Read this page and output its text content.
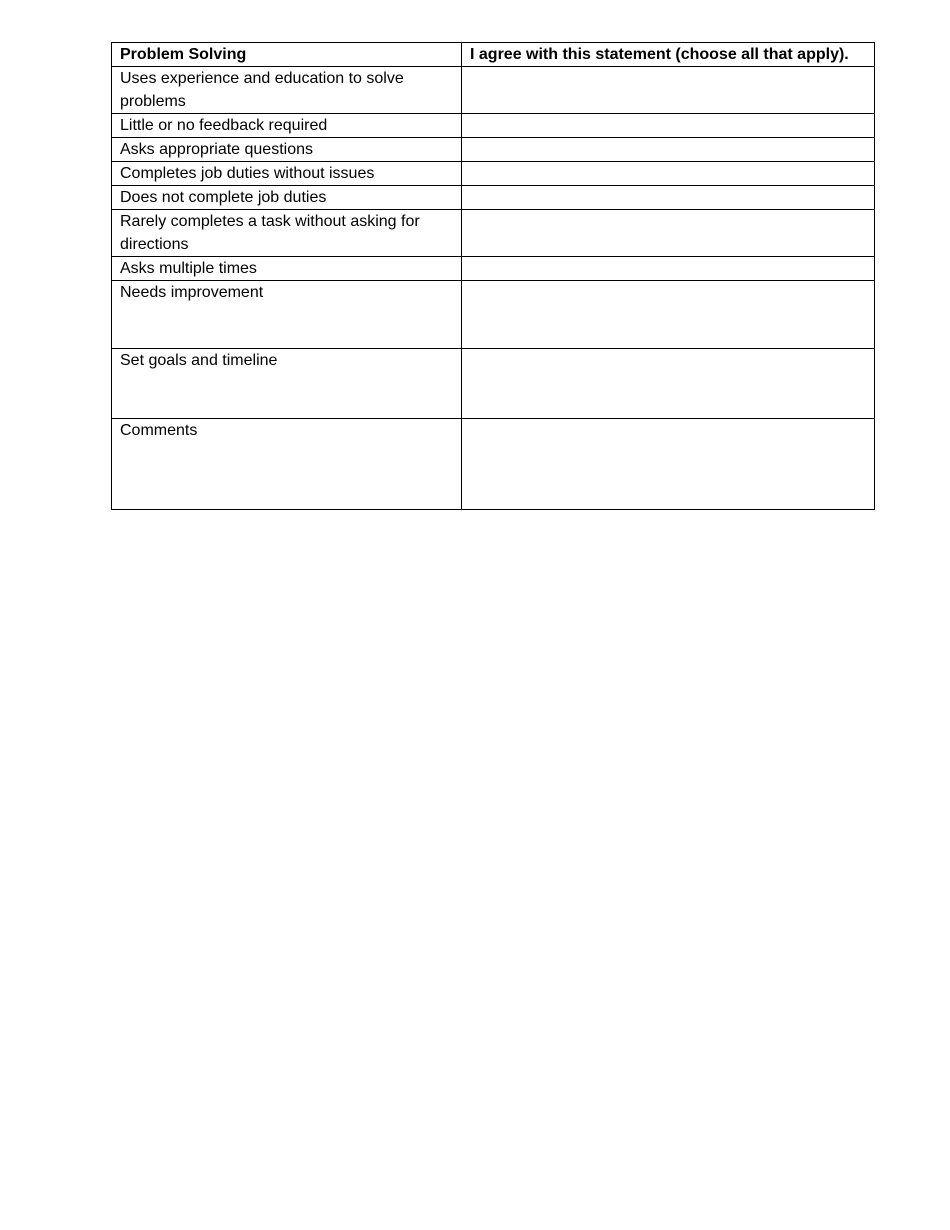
Problem Solving	I agree with this statement (choose all that apply).
Uses experience and education to solve problems	
Little or no feedback required	
Asks appropriate questions	
Completes job duties without issues	
Does not complete job duties	
Rarely completes a task without asking for directions	
Asks multiple times	
Needs improvement	
Set goals and timeline	
Comments	
